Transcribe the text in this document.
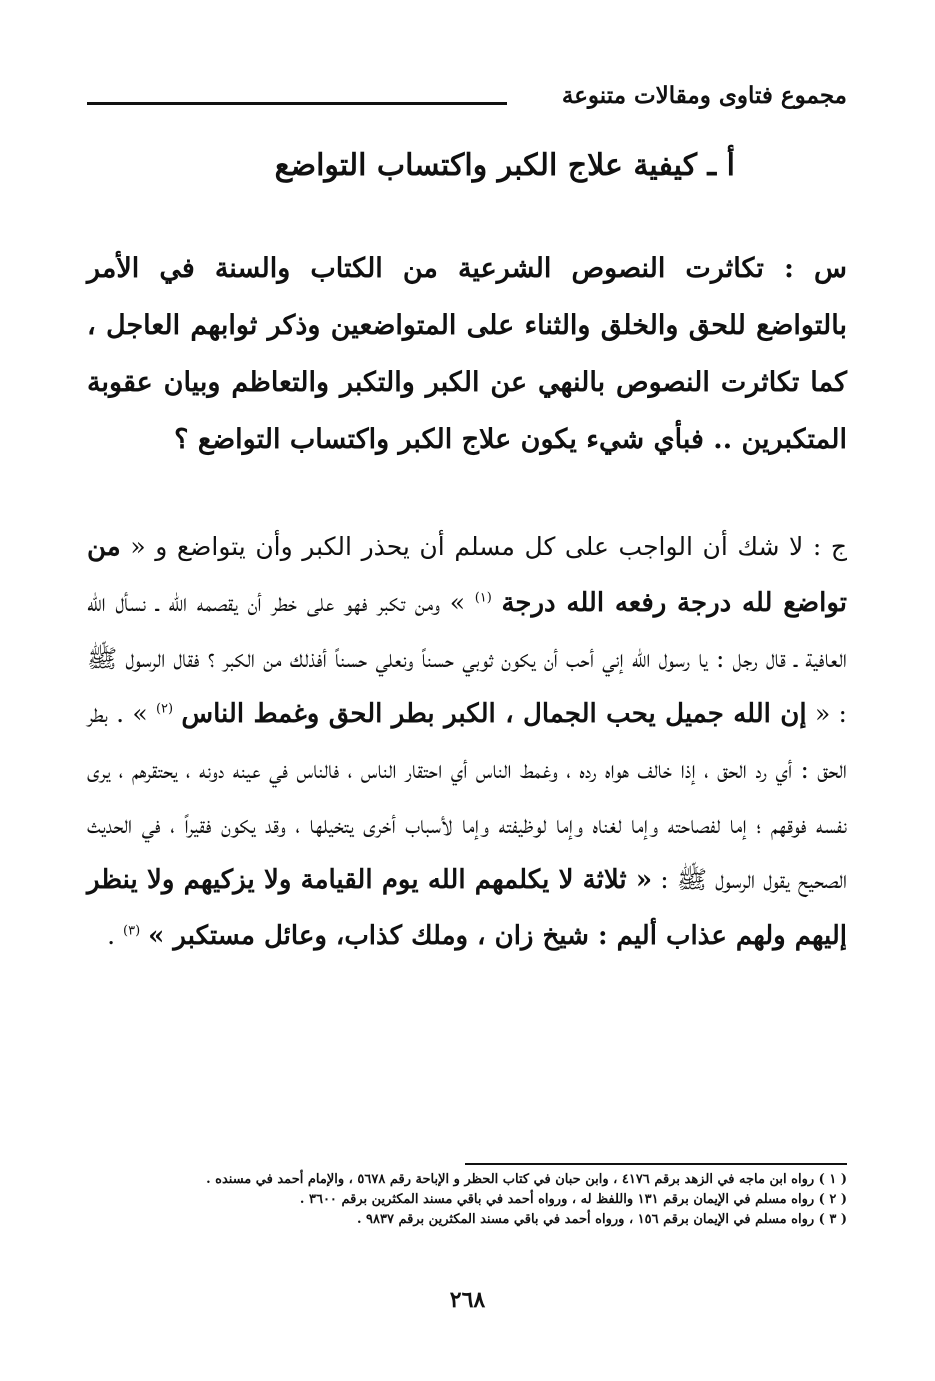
مجموع فتاوى ومقالات متنوعة
أ ـ كيفية علاج الكبر واكتساب التواضع

س : تكاثرت النصوص الشرعية من الكتاب والسنة في الأمر بالتواضع للحق والخلق والثناء على المتواضعين وذكر ثوابهم العاجل ، كما تكاثرت النصوص بالنهي عن الكبر والتكبر والتعاظم وبيان عقوبة المتكبرين .. فبأي شيء يكون علاج الكبر واكتساب التواضع ؟

ج : لا شك أن الواجب على كل مسلم أن يحذر الكبر وأن يتواضع و « من تواضع لله درجة رفعه الله درجة $^{(١)}$ » ومن تكبر فهو على خطر أن يقصمه الله ـ نسأل الله العافية ـ قال رجل : يا رسول الله إني أحب أن يكون ثوبي حسناً ونعلي حسناً أفذلك من الكبر ؟ فقال الرسول ﷺ : « إن الله جميل يحب الجمال ، الكبر بطر الحق وغمط الناس $^{(٢)}$ » . بطر الحق : أي رد الحق ، إذا خالف هواه رده ، وغمط الناس أي احتقار الناس ، فالناس في عينه دونه ، يحتقرهم ، يرى نفسه فوقهم ؛ إما لفصاحته وإما لغناه وإما لوظيفته وإما لأسباب أخرى يتخيلها ، وقد يكون فقيراً ، في الحديث الصحيح يقول الرسول ﷺ : « ثلاثة لا يكلمهم الله يوم القيامة ولا يزكيهم ولا ينظر إليهم ولهم عذاب أليم : شيخ زان ، وملك كذاب، وعائل مستكبر » $^{(٣)}$ .

( ١ ) رواه ابن ماجه في الزهد برقم ٤١٧٦ ، وابن حبان في كتاب الحظر و الإباحة رقم ٥٦٧٨ ، والإمام أحمد في مسنده .
( ٢ ) رواه مسلم في الإيمان برقم ١٣١ واللفظ له ، ورواه أحمد في باقي مسند المكثرين برقم ٣٦٠٠ .
( ٣ ) رواه مسلم في الإيمان برقم ١٥٦ ، ورواه أحمد في باقي مسند المكثرين برقم ٩٨٣٧ .
٢٦٨
